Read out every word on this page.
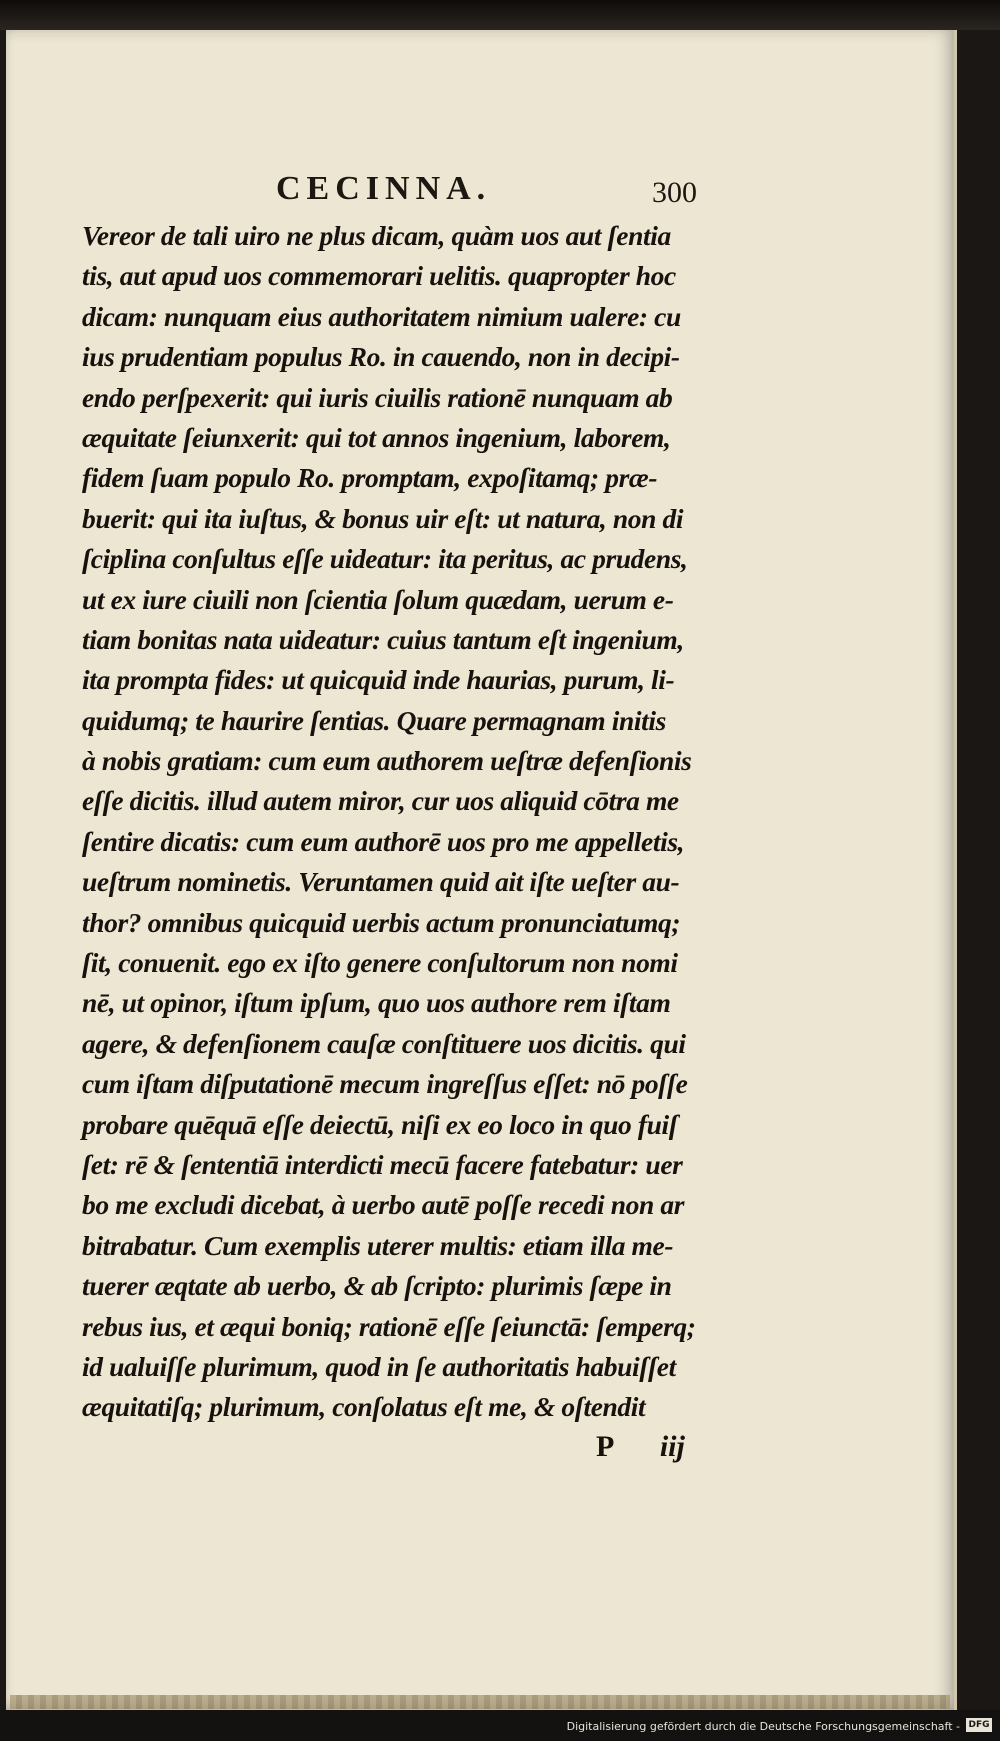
CECINNA.	300
Vereor de tali uiro ne plus dicam, quàm uos aut ſentia
tis, aut apud uos commemorari uelitis. quapropter hoc
dicam: nunquam eius authoritatem nimium ualere: cu
ius prudentiam populus Ro. in cauendo, non in decipi-
endo perſpexerit: qui iuris ciuilis rationē nunquam ab
æquitate ſeiunxerit: qui tot annos ingenium, laborem,
fidem ſuam populo Ro. promptam, expoſitamq; præ-
buerit: qui ita iuſtus, & bonus uir eſt: ut natura, non di
ſciplina conſultus eſſe uideatur: ita peritus, ac prudens,
ut ex iure ciuili non ſcientia ſolum quædam, uerum e-
tiam bonitas nata uideatur: cuius tantum eſt ingenium,
ita prompta fides: ut quicquid inde haurias, purum, li-
quidumq; te haurire ſentias. Quare permagnam initis
à nobis gratiam: cum eum authorem ueſtræ defenſionis
eſſe dicitis. illud autem miror, cur uos aliquid cōtra me
ſentire dicatis: cum eum authorē uos pro me appelletis,
ueſtrum nominetis. Veruntamen quid ait iſte ueſter au-
thor? omnibus quicquid uerbis actum pronunciatumq;
ſit, conuenit. ego ex iſto genere conſultorum non nomi
nē, ut opinor, iſtum ipſum, quo uos authore rem iſtam
agere, & defenſionem cauſæ conſtituere uos dicitis. qui
cum iſtam diſputationē mecum ingreſſus eſſet: nō poſſe
probare quēquā eſſe deiectū, niſi ex eo loco in quo fuiſ
ſet: rē & ſententiā interdicti mecū facere fatebatur: uer
bo me excludi dicebat, à uerbo autē poſſe recedi non ar
bitrabatur. Cum exemplis uterer multis: etiam illa me-
tuerer æqtate ab uerbo, & ab ſcripto: plurimis ſæpe in
rebus ius, et æqui boniq; rationē eſſe ſeiunctā: ſemperq;
id ualuiſſe plurimum, quod in ſe authoritatis habuiſſet
æquitatiſq; plurimum, conſolatus eſt me, & oſtendit
P iij
Digitalisierung gefördert durch die Deutsche Forschungsgemeinschaft - DFG
